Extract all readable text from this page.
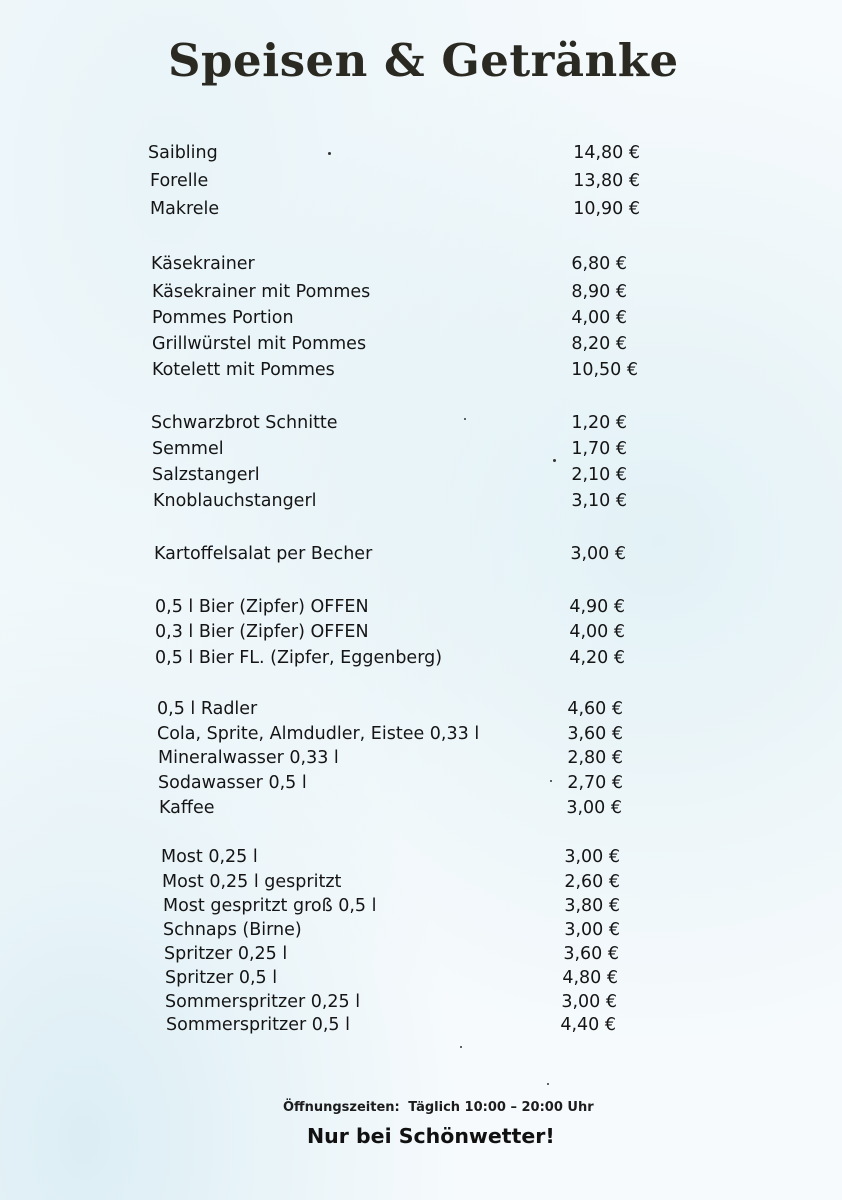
Speisen & Getränke
Saibling	14,80 €
Forelle	13,80 €
Makrele	10,90 €
Käsekrainer	6,80 €
Käsekrainer mit Pommes	8,90 €
Pommes Portion	4,00 €
Grillwürstel mit Pommes	8,20 €
Kotelett mit Pommes	10,50 €
Schwarzbrot Schnitte	1,20 €
Semmel	1,70 €
Salzstangerl	2,10 €
Knoblauchstangerl	3,10 €
Kartoffelsalat per Becher	3,00 €
0,5 l Bier (Zipfer) OFFEN	4,90 €
0,3 l Bier (Zipfer) OFFEN	4,00 €
0,5 l Bier FL. (Zipfer, Eggenberg)	4,20 €
0,5 l Radler	4,60 €
Cola, Sprite, Almdudler, Eistee 0,33 l	3,60 €
Mineralwasser 0,33 l	2,80 €
Sodawasser 0,5 l	2,70 €
Kaffee	3,00 €
Most 0,25 l	3,00 €
Most 0,25 l gespritzt	2,60 €
Most gespritzt groß 0,5 l	3,80 €
Schnaps (Birne)	3,00 €
Spritzer 0,25 l	3,60 €
Spritzer 0,5 l	4,80 €
Sommerspritzer 0,25 l	3,00 €
Sommerspritzer 0,5 l	4,40 €
Öffnungszeiten: Täglich 10:00 – 20:00 Uhr
Nur bei Schönwetter!
